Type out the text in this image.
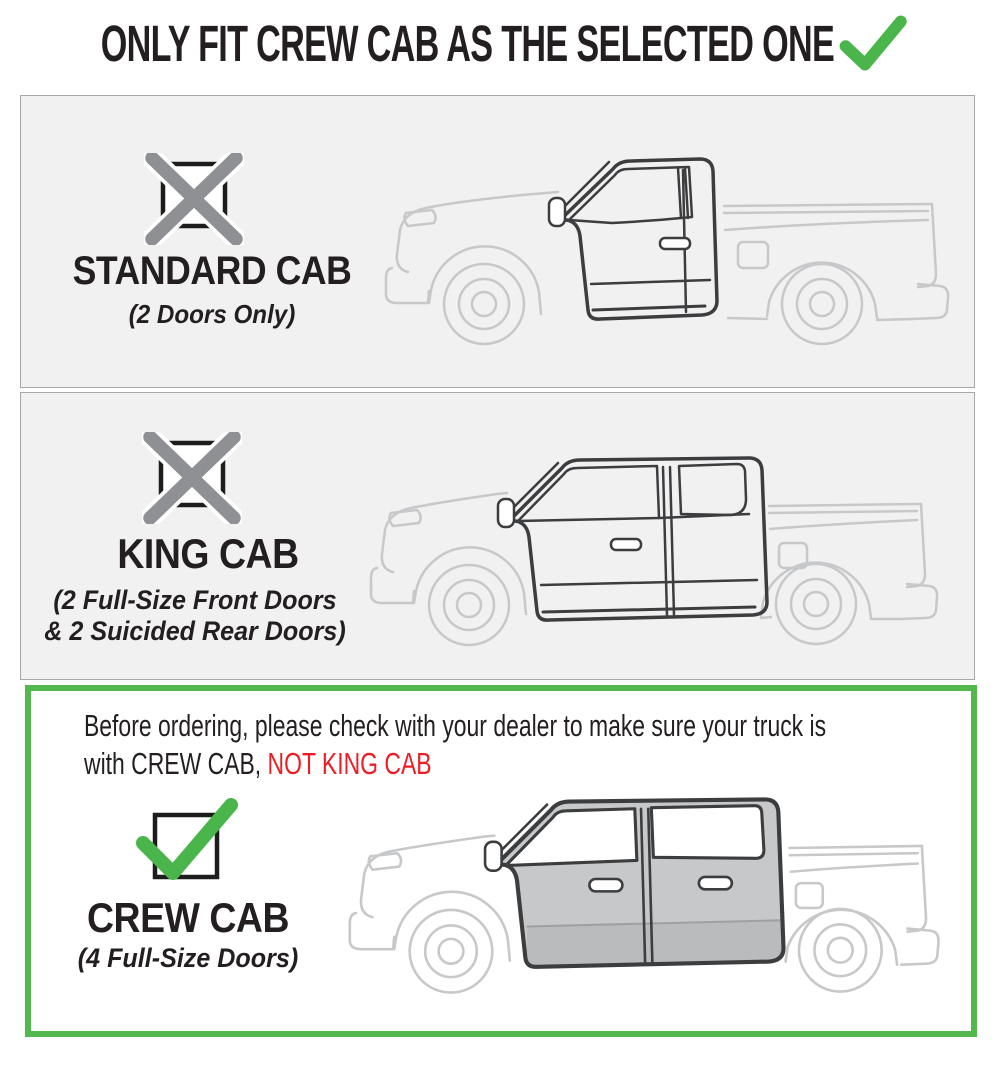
ONLY FIT CREW CAB AS THE SELECTED ONE
STANDARD CAB
(2 Doors Only)
KING CAB
(2 Full-Size Front Doors
& 2 Suicided Rear Doors)
Before ordering, please check with your dealer to make sure your truck is
with CREW CAB, NOT KING CAB
CREW CAB
(4 Full-Size Doors)
